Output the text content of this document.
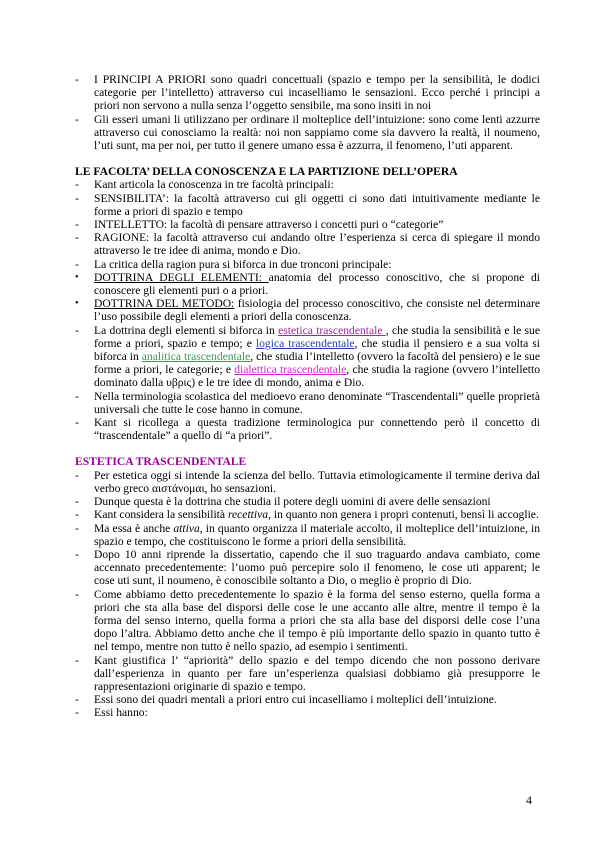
-	I PRINCIPI A PRIORI sono quadri concettuali (spazio e tempo per la sensibilità, le dodici categorie per l’intelletto) attraverso cui incaselliamo le sensazioni. Ecco perché i principi a priori non servono a nulla senza l’oggetto sensibile, ma sono insiti in noi
-	Gli esseri umani li utilizzano per ordinare il molteplice dell’intuizione: sono come lenti azzurre attraverso cui conosciamo la realtà: noi non sappiamo come sia davvero la realtà, il noumeno, l’uti sunt, ma per noi, per tutto il genere umano essa è azzurra, il fenomeno, l’uti apparent.

LE FACOLTA’ DELLA CONOSCENZA E LA PARTIZIONE DELL’OPERA

-	Kant articola la conoscenza in tre facoltà principali:
-	SENSIBILITA’: la facoltà attraverso cui gli oggetti ci sono dati intuitivamente mediante le forme a priori di spazio e tempo
-	INTELLETTO: la facoltà di pensare attraverso i concetti puri o “categorie”
-	RAGIONE: la facoltà attraverso cui andando oltre l’esperienza si cerca di spiegare il mondo attraverso le tre idee di anima, mondo e Dio.
-	La critica della ragion pura si biforca in due tronconi principale:
•	DOTTRINA DEGLI ELEMENTI: anatomia del processo conoscitivo, che si propone di conoscere gli elementi puri o a priori.
•	DOTTRINA DEL METODO: fisiologia del processo conoscitivo, che consiste nel determinare l’uso possibile degli elementi a priori della conoscenza.
-	La dottrina degli elementi si biforca in estetica trascendentale , che studia la sensibilità e le sue forme a priori, spazio e tempo; e logica trascendentale, che studia il pensiero e a sua volta si biforca in analitica trascendentale, che studia l’intelletto (ovvero la facoltà del pensiero) e le sue forme a priori, le categorie; e dialettica trascendentale, che studia la ragione (ovvero l’intelletto dominato dalla υβρις) e le tre idee di mondo, anima e Dio.
-	Nella terminologia scolastica del medioevo erano denominate “Trascendentali” quelle proprietà universali che tutte le cose hanno in comune.
-	Kant si ricollega a questa tradizione terminologica pur connettendo però il concetto di “trascendentale” a quello di “a priori”.

ESTETICA TRASCENDENTALE

-	Per estetica oggi si intende la scienza del bello. Tuttavia etimologicamente il termine deriva dal verbo greco αιστάνομαι, ho sensazioni.
-	Dunque questa è la dottrina che studia il potere degli uomini di avere delle sensazioni
-	Kant considera la sensibilità recettiva, in quanto non genera i propri contenuti, bensì li accoglie.
-	Ma essa è anche attiva, in quanto organizza il materiale accolto, il molteplice dell’intuizione, in spazio e tempo, che costituiscono le forme a priori della sensibilità.
-	Dopo 10 anni riprende la dissertatio, capendo che il suo traguardo andava cambiato, come accennato precedentemente: l’uomo può percepire solo il fenomeno, le cose uti apparent; le cose uti sunt, il noumeno, è conoscibile soltanto a Dio, o meglio è proprio di Dio.
-	Come abbiamo detto precedentemente lo spazio è la forma del senso esterno, quella forma a priori che sta alla base del disporsi delle cose le une accanto alle altre, mentre il tempo è la forma del senso interno, quella forma a priori che sta alla base del disporsi delle cose l’una dopo l’altra. Abbiamo detto anche che il tempo è più importante dello spazio in quanto tutto è nel tempo, mentre non tutto è nello spazio, ad esempio i sentimenti.
-	Kant giustifica l’ “apriorità” dello spazio e del tempo dicendo che non possono derivare dall’esperienza in quanto per fare un’esperienza qualsiasi dobbiamo già presupporre le rappresentazioni originarie di spazio e tempo.
-	Essi sono dei quadri mentali a priori entro cui incaselliamo i molteplici dell’intuizione.
-	Essi hanno:
4
